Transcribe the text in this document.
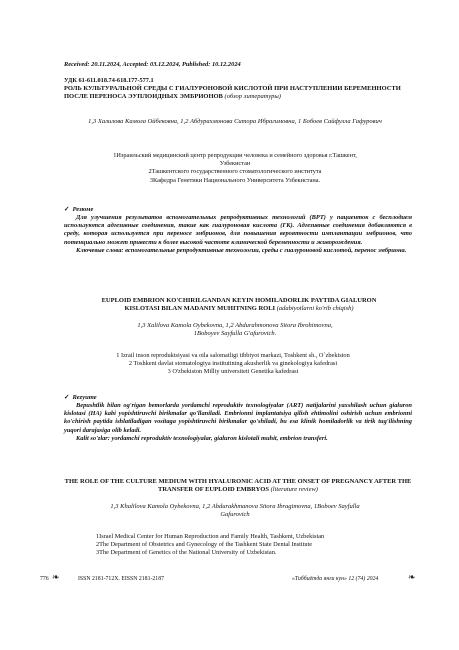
Received: 20.11.2024, Accepted: 03.12.2024, Published: 10.12.2024
УДК 61-611.018.74-618.177-577.1
РОЛЬ КУЛЬТУРАЛЬНОЙ СРЕДЫ С ГИАЛУРОНОВОЙ КИСЛОТОЙ ПРИ НАСТУПЛЕНИИ БЕРЕМЕННОСТИ ПОСЛЕ ПЕРЕНОСА ЭУПЛОИДНЫХ ЭМБРИОНОВ (обзор литературы)
1,3 Халилова Камола Ойбековна, 1,2 Абдурахмонова Ситора Ибрагимовна, 1 Бобоев Сайфулла Гафурович
1Израильский медицинский центр репродукции человека и семейного здоровья г.Ташкент, Узбекистан
2Ташкентского государственного стоматологического института
3Кафедра Генетики Национального Университета Узбекистана.
✓ Резюме

Для улучшения результатов вспомогательных репродуктивных технологий (ВРТ) у пациенток с бесплодием используются адгезивные соединения, такие как гиалуроновая кислота (ГК). Адгезивные соединения добавляются в среду, которая используется при переносе эмбрионов, для повышения вероятности имплантации эмбрионов, что потенциально может привести к более высокой частоте клинической беременности и живорождения.

Ключевые слова: вспомогательные репродуктивные технологии, среды с гиалуроновой кислотой, перенос эмбриона.

EUPLOID EMBRION KO'CHIRILGANDAN KEYIN HOMILADORLIK PAYTIDA GIALURON KISLOTASI BILAN MADANIY MUHITNING ROLI (adabiyotlarni ko'rib chiqish)
1,3 Xalilova Kamola Oybekovna, 1,2 Abdurahmonova Sitora Ibrohimovna,
1Boboyev Sayfulla G'afurovich.
1 Izrail inson reproduktsiyasi va oila salomatligi tibbiyot markazi, Toshkent sh., O`zbekiston
2 Toshkent davlat stomatologiya institutining akusherlik va ginekologiya kafedrasi
3 O'zbekiston Milliy universiteti Genetika kafedrasi
✓ Rezyume

Bepushtlik bilan og'rigan bemorlarda yordamchi reproduktiv texnologiyalar (ART) natijalarini yaxshilash uchun gialuron kislotasi (HA) kabi yopishtiruvchi birikmalar qo'llaniladi. Embrionni implantatsiya qilish ehtimolini oshirish uchun embrionni ko'chirish paytida ishlatiladigan vositaga yopishtiruvchi birikmalar qo'shiladi, bu esa klinik homiladorlik va tirik tug'ilishning yuqori darajasiga olib keladi.

Kalit so'zlar: yordamchi reproduktiv texnologiyalar, gialuron kislotali muhit, embrion transferi.

THE ROLE OF THE CULTURE MEDIUM WITH HYALURONIC ACID AT THE ONSET OF PREGNANCY AFTER THE TRANSFER OF EUPLOID EMBRYOS (literature review)
1,3 Khalilova Kamola Oybekovna, 1,2 Abdurakhmanova Sitora Ibragimovna, 1Boboev Sayfulla Gafurovich
1Israel Medical Center for Human Reproduction and Family Health, Tashkent, Uzbekistan
2The Department of Obstetrics and Gynecology of the Tashkent State Dental Institute
3The Department of Genetics of the National University of Uzbekistan.
❧
776	ISSN 2181-712X. EISSN 2181-2187	«Тиббиётда янги кун» 12 (74) 2024	❧
